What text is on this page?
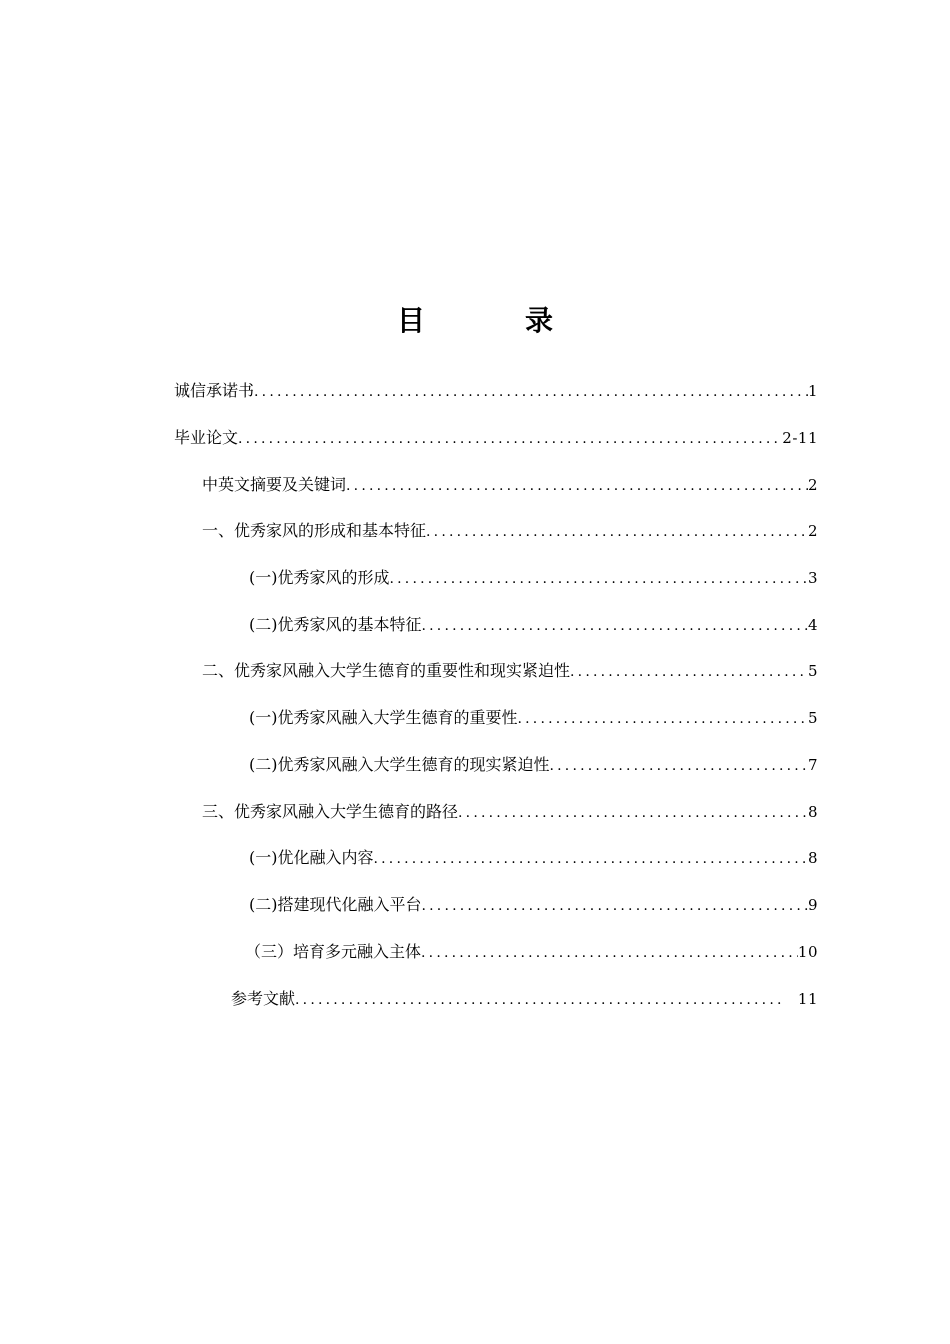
目　录
诚信承诺书 .....	1
毕业论文 .....	2-11
中英文摘要及关键词 .....	2
一、优秀家风的形成和基本特征 .....	2
(一)优秀家风的形成 .....	3
(二)优秀家风的基本特征 .....	4
二、优秀家风融入大学生德育的重要性和现实紧迫性 .....	5
(一)优秀家风融入大学生德育的重要性 .....	5
(二)优秀家风融入大学生德育的现实紧迫性 .....	7
三、优秀家风融入大学生德育的路径 .....	8
(一)优化融入内容 .....	8
(二)搭建现代化融入平台 .....	9
（三）培育多元融入主体 .....	10
参考文献 .....	11
